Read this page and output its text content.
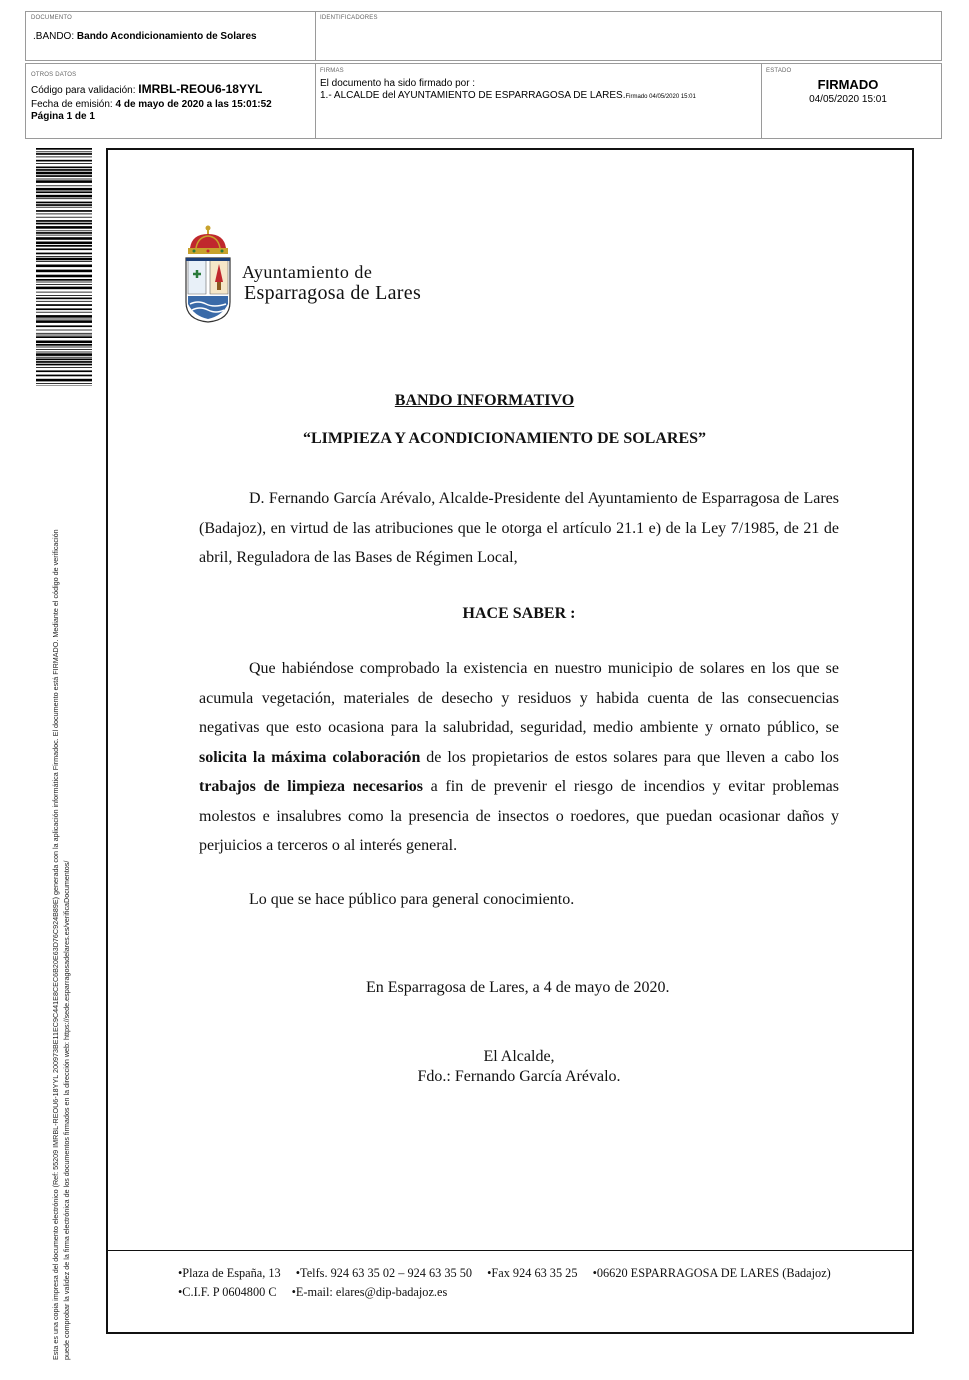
DOCUMENTO
.BANDO: Bando Acondicionamiento de Solares
IDENTIFICADORES
OTROS DATOS
Código para validación: IMRBL-REOU6-18YYL
Fecha de emisión: 4 de mayo de 2020 a las 15:01:52
Página 1 de 1
FIRMAS
El documento ha sido firmado por :
1.- ALCALDE del AYUNTAMIENTO DE ESPARRAGOSA DE LARES.Firmado 04/05/2020 15:01
ESTADO
FIRMADO
04/05/2020 15:01
Esta es una copia impresa del documento electrónico (Ref: 55209 IMRBL-REOU6-18YYL 200973BE11EC9C441E8CEC6B20E63D76C924B89E) generada con la aplicación informática Firmadoc. El documento está FIRMADO. Mediante el código de verificación puede comprobar la validez de la firma electrónica de los documentos firmados en la dirección web: https://sede.esparragosadelares.es/verificaDocumentos/
Ayuntamiento de
Esparragosa de Lares
BANDO INFORMATIVO
“LIMPIEZA Y ACONDICIONAMIENTO DE SOLARES”
D. Fernando García Arévalo, Alcalde-Presidente del Ayuntamiento de Esparragosa de Lares (Badajoz), en virtud de las atribuciones que le otorga el artículo 21.1 e) de la Ley 7/1985, de 21 de abril, Reguladora de las Bases de Régimen Local,
HACE SABER :
Que habiéndose comprobado la existencia en nuestro municipio de solares en los que se acumula vegetación, materiales de desecho y residuos y habida cuenta de las consecuencias negativas que esto ocasiona para la salubridad, seguridad, medio ambiente y ornato público, se solicita la máxima colaboración de los propietarios de estos solares para que lleven a cabo los trabajos de limpieza necesarios a fin de prevenir el riesgo de incendios y evitar problemas molestos e insalubres como la presencia de insectos o roedores, que puedan ocasionar daños y perjuicios a terceros o al interés general.
Lo que se hace público para general conocimiento.
En Esparragosa de Lares, a 4 de mayo de 2020.
El Alcalde,
Fdo.: Fernando García Arévalo.
•Plaza de España, 13 •Telfs. 924 63 35 02 – 924 63 35 50 •Fax 924 63 35 25 •06620 ESPARRAGOSA DE LARES (Badajoz)
•C.I.F. P 0604800 C •E-mail: elares@dip-badajoz.es
